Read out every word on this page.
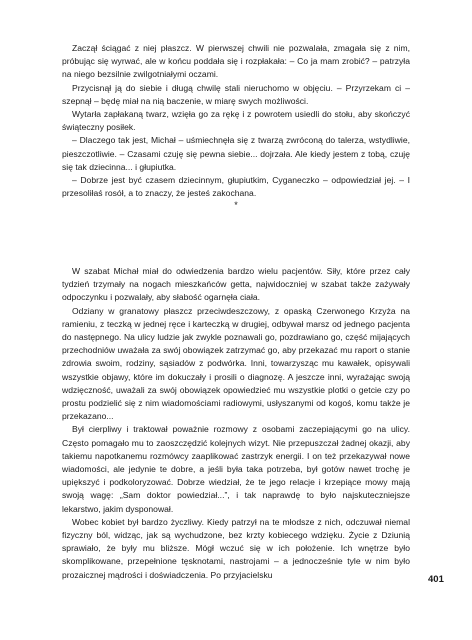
Zaczął ściągać z niej płaszcz. W pierwszej chwili nie pozwalała, zmagała się z nim, próbując się wyrwać, ale w końcu poddała się i rozpłakała: – Co ja mam zrobić? – patrzyła na niego bezsilnie zwilgotniałymi oczami.

Przycisnął ją do siebie i długą chwilę stali nieruchomo w objęciu. – Przyrzekam ci – szepnął – będę miał na nią baczenie, w miarę swych możliwości.

Wytarła zapłakaną twarz, wzięła go za rękę i z powrotem usiedli do stołu, aby skończyć świąteczny posiłek.

– Dlaczego tak jest, Michał – uśmiechnęła się z twarzą zwróconą do talerza, wstydliwie, pieszczotliwie. – Czasami czuję się pewna siebie... dojrzała. Ale kiedy jestem z tobą, czuję się tak dziecinna... i głupiutka.

– Dobrze jest być czasem dziecinnym, głupiutkim, Cyganeczko – odpowiedział jej. – I przesoliłaś rosół, a to znaczy, że jesteś zakochana.

*

W szabat Michał miał do odwiedzenia bardzo wielu pacjentów. Siły, które przez cały tydzień trzymały na nogach mieszkańców getta, najwidoczniej w szabat także zażywały odpoczynku i pozwalały, aby słabość ogarnęła ciała.

Odziany w granatowy płaszcz przeciwdeszczowy, z opaską Czerwonego Krzyża na ramieniu, z teczką w jednej ręce i karteczką w drugiej, odbywał marsz od jednego pacjenta do następnego. Na ulicy ludzie jak zwykle poznawali go, pozdrawiano go, część mijających przechodniów uważała za swój obowiązek zatrzymać go, aby przekazać mu raport o stanie zdrowia swoim, rodziny, sąsiadów z podwórka. Inni, towarzysząc mu kawałek, opisywali wszystkie objawy, które im dokuczały i prosili o diagnozę. A jeszcze inni, wyrażając swoją wdzięczność, uważali za swój obowiązek opowiedzieć mu wszystkie plotki o getcie czy po prostu podzielić się z nim wiadomościami radiowymi, usłyszanymi od kogoś, komu także je przekazano...

Był cierpliwy i traktował poważnie rozmowy z osobami zaczepiającymi go na ulicy. Często pomagało mu to zaoszczędzić kolejnych wizyt. Nie przepuszczał żadnej okazji, aby takiemu napotkanemu rozmówcy zaaplikować zastrzyk energii. I on też przekazywał nowe wiadomości, ale jedynie te dobre, a jeśli była taka potrzeba, był gotów nawet trochę je upiększyć i podkoloryzować. Dobrze wiedział, że te jego relacje i krzepiące mowy mają swoją wagę: „Sam doktor powiedział...”, i tak naprawdę to było najskuteczniejsze lekarstwo, jakim dysponował.

Wobec kobiet był bardzo życzliwy. Kiedy patrzył na te młodsze z nich, odczuwał niemal fizyczny ból, widząc, jak są wychudzone, bez krzty kobiecego wdzięku. Życie z Dziunią sprawiało, że były mu bliższe. Mógł wczuć się w ich położenie. Ich wnętrze było skomplikowane, przepełnione tęsknotami, nastrojami – a jednocześnie tyle w nim było prozaicznej mądrości i doświadczenia. Po przyjacielsku	401
